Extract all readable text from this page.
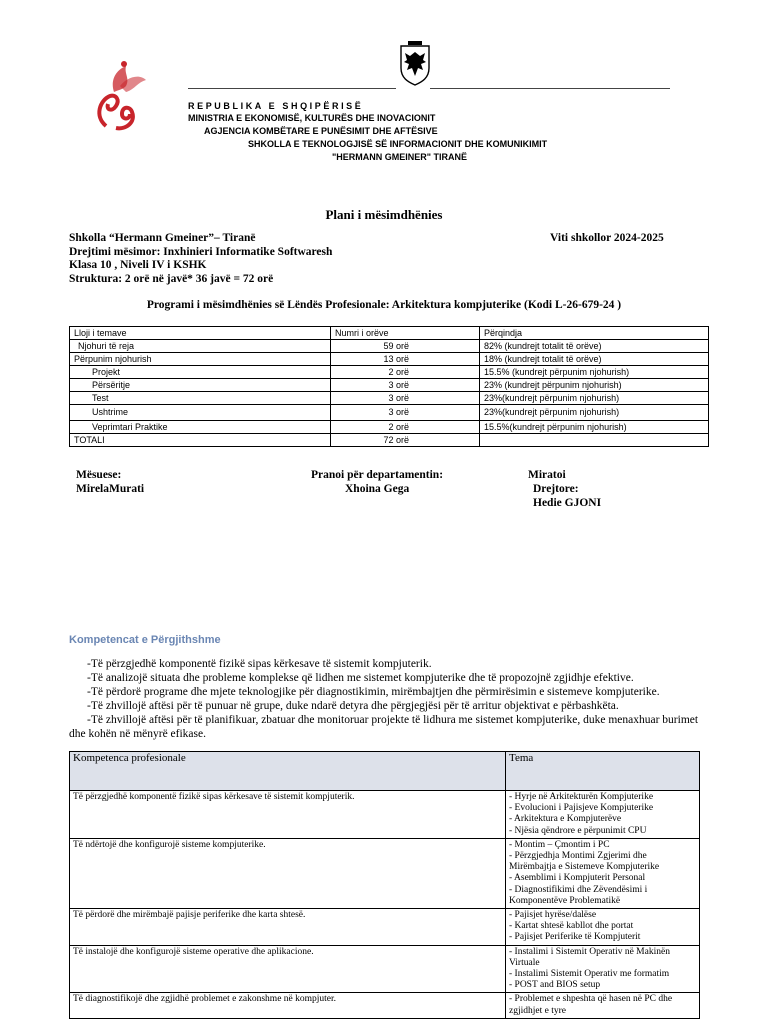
REPUBLIKA E SHQIPËRISË
MINISTRIA E EKONOMISË, KULTURËS DHE INOVACIONIT
AGJENCIA KOMBËTARE E PUNËSIMIT DHE AFTËSIVE
SHKOLLA E TEKNOLOGJISË SË INFORMACIONIT DHE KOMUNIKIMIT
"HERMANN GMEINER" TIRANË
Plani i mësimdhënies
Shkolla “Hermann Gmeiner”– Tiranë	Viti shkollor 2024-2025
Drejtimi mësimor: Inxhinieri Informatike Softwaresh
Klasa 10 , Niveli IV i KSHK
Struktura: 2 orë në javë* 36 javë = 72 orë
Programi i mësimdhënies së Lëndës Profesionale: Arkitektura kompjuterike (Kodi L-26-679-24 )
Lloji i temave	Numri i orëve	Përqindja
Njohuri të reja	59 orë	82% (kundrejt totalit të orëve)
Përpunim njohurish	13 orë	18% (kundrejt totalit të orëve)
Projekt	2 orë	15.5% (kundrejt përpunim njohurish)
Përsëritje	3 orë	23% (kundrejt përpunim njohurish)
Test	3 orë	23%(kundrejt përpunim njohurish)
Ushtrime	3 orë	23%(kundrejt përpunim njohurish)
Veprimtari Praktike	2 orë	15.5%(kundrejt përpunim njohurish)
TOTALI	72 orë	
Mësuese:
MirelaMurati
Pranoi për departamentin:
Xhoina Gega
Miratoi
Drejtore:
Hedie GJONI
Kompetencat e Përgjithshme
-Të përzgjedhë komponentë fizikë sipas kërkesave të sistemit kompjuterik.
-Të analizojë situata dhe probleme komplekse që lidhen me sistemet kompjuterike dhe të propozojnë zgjidhje efektive.
-Të përdorë programe dhe mjete teknologjike për diagnostikimin, mirëmbajtjen dhe përmirësimin e sistemeve kompjuterike.
-Të zhvillojë aftësi për të punuar në grupe, duke ndarë detyra dhe përgjegjësi për të arritur objektivat e përbashkëta.
-Të zhvillojë aftësi për të planifikuar, zbatuar dhe monitoruar projekte të lidhura me sistemet kompjuterike, duke menaxhuar burimet dhe kohën në mënyrë efikase.
Kompetenca profesionale	Tema
Të përzgjedhë komponentë fizikë sipas kërkesave të sistemit kompjuterik.	- Hyrje në Arkitekturën Kompjuterike
- Evolucioni i Pajisjeve Kompjuterike
- Arkitektura e Kompjuterëve
- Njësia qëndrore e përpunimit CPU

Të ndërtojë dhe konfigurojë sisteme kompjuterike.	- Montim – Çmontim i PC
- Përzgjedhja Montimi Zgjerimi dhe Mirëmbajtja e Sistemeve Kompjuterike
- Asemblimi i Kompjuterit Personal
- Diagnostifikimi dhe Zëvendësimi i Komponentëve Problematikë

Të përdorë dhe mirëmbajë pajisje periferike dhe karta shtesë.	- Pajisjet hyrëse/dalëse
- Kartat shtesë kabllot dhe portat
- Pajisjet Periferike të Kompjuterit

Të instalojë dhe konfigurojë sisteme operative dhe aplikacione.	- Instalimi i Sistemit Operativ në Makinën Virtuale
- Instalimi Sistemit Operativ me formatim
- POST and BIOS setup

Të diagnostifikojë dhe zgjidhë problemet e zakonshme në kompjuter.	- Problemet e shpeshta që hasen në PC dhe zgjidhjet e tyre
